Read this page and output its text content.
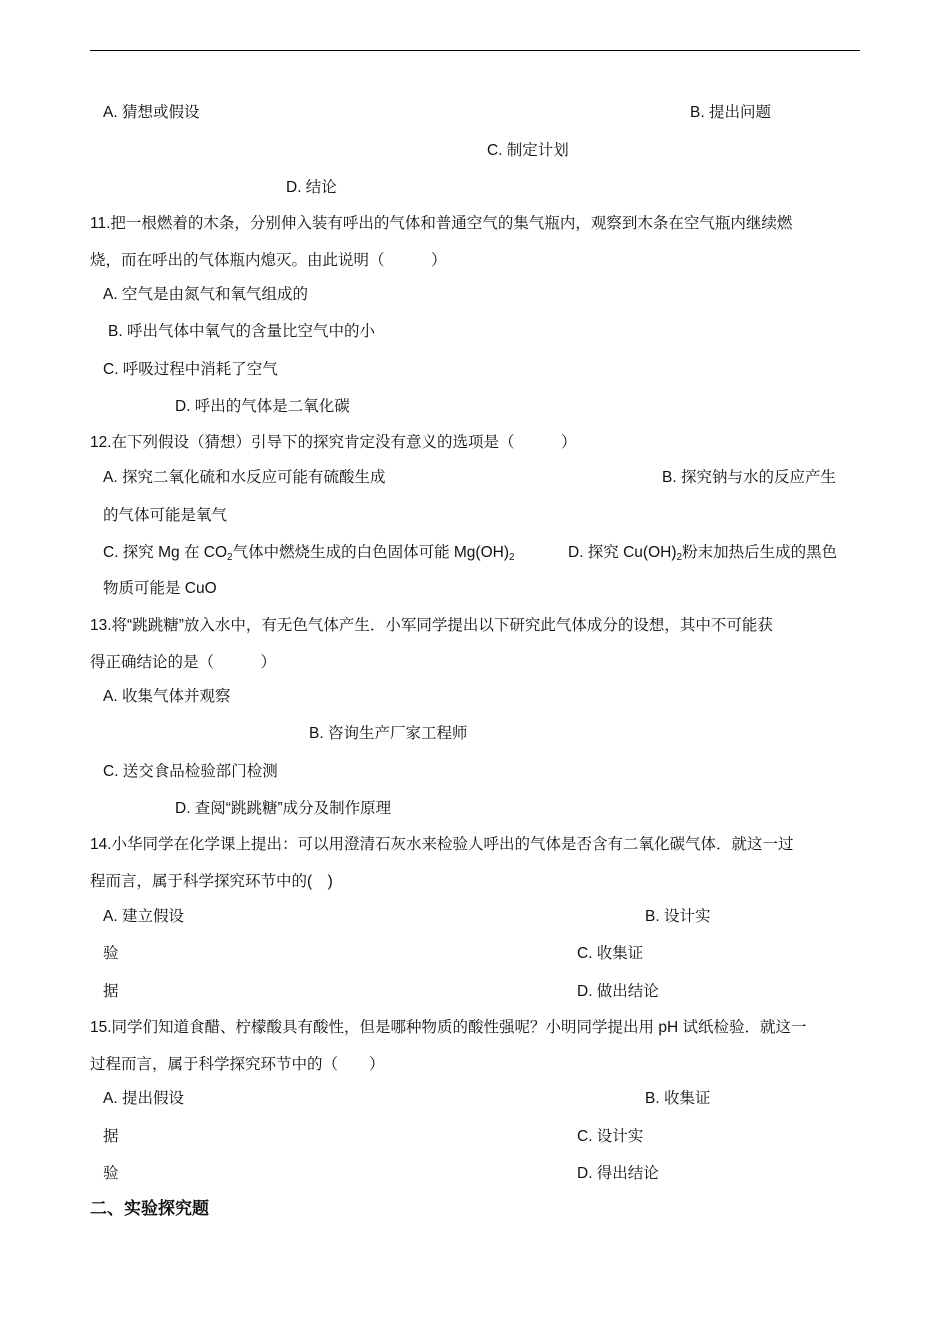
A. 猜想或假设	B. 提出问题
C. 制定计划
D. 结论
11.把一根燃着的木条，分别伸入装有呼出的气体和普通空气的集气瓶内，观察到木条在空气瓶内继续燃
烧，而在呼出的气体瓶内熄灭。由此说明（　　　）
A. 空气是由氮气和氧气组成的
B. 呼出气体中氧气的含量比空气中的小
C. 呼吸过程中消耗了空气
D. 呼出的气体是二氧化碳
12.在下列假设（猜想）引导下的探究肯定没有意义的选项是（　　　）
A. 探究二氧化硫和水反应可能有硫酸生成	B. 探究钠与水的反应产生
的气体可能是氧气
C. 探究 Mg 在 $CO_2$气体中燃烧生成的白色固体可能 $Mg(OH)_2$	D. 探究 $Cu(OH)_2$粉末加热后生成的黑色
物质可能是 CuO
13.将“跳跳糖”放入水中，有无色气体产生．小军同学提出以下研究此气体成分的设想，其中不可能获
得正确结论的是（　　　）
A. 收集气体并观察
B. 咨询生产厂家工程师
C. 送交食品检验部门检测
D. 查阅“跳跳糖”成分及制作原理
14.小华同学在化学课上提出：可以用澄清石灰水来检验人呼出的气体是否含有二氧化碳气体．就这一过
程而言，属于科学探究环节中的(　)
A. 建立假设	B. 设计实
验	C. 收集证
据	D. 做出结论
15.同学们知道食醋、柠檬酸具有酸性，但是哪种物质的酸性强呢？小明同学提出用 pH 试纸检验．就这一
过程而言，属于科学探究环节中的（　　）
A. 提出假设	B. 收集证
据	C. 设计实
验	D. 得出结论
二、实验探究题
